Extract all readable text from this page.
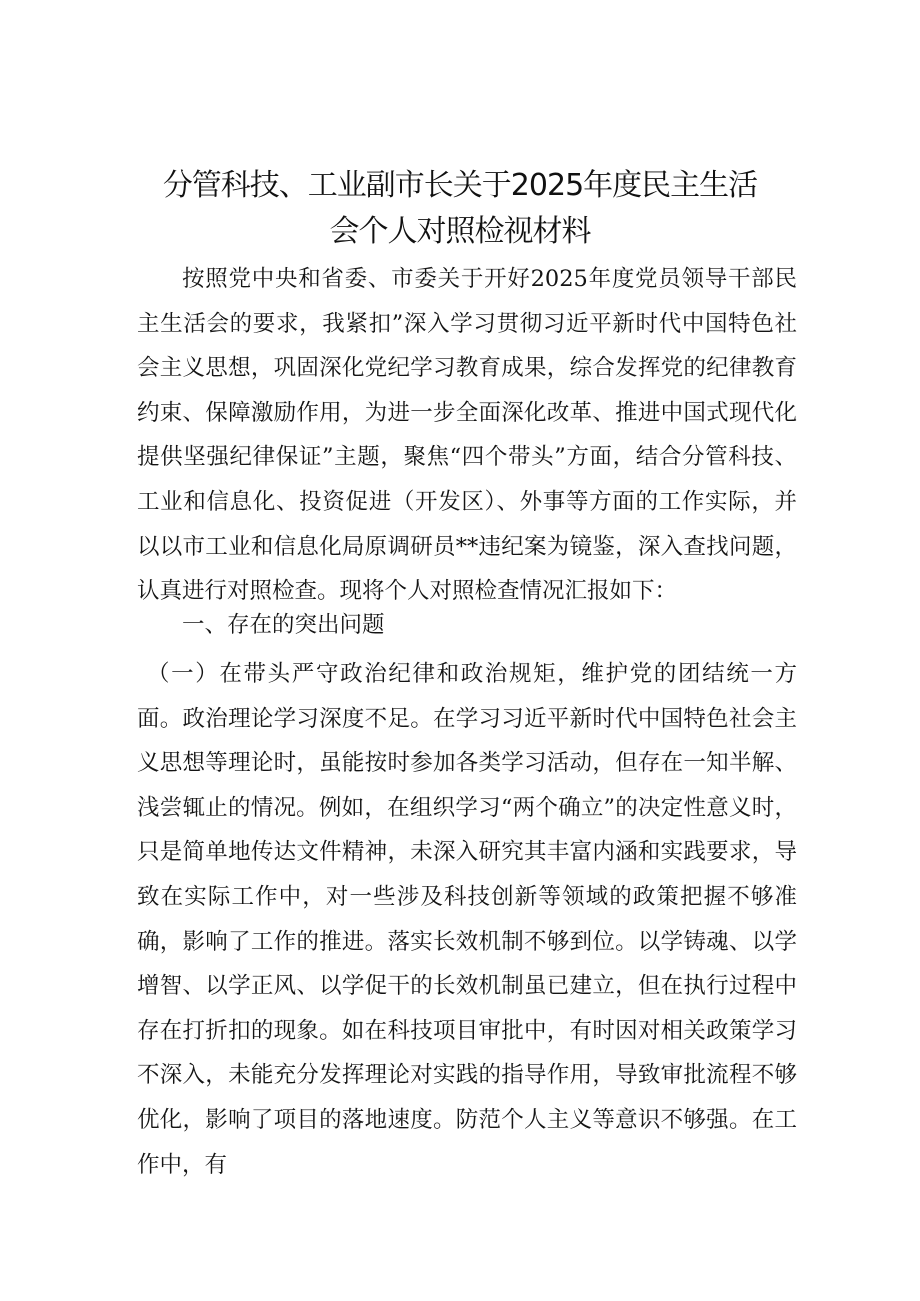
分管科技、工业副市长关于2025年度民主生活
会个人对照检视材料

按照党中央和省委、市委关于开好2025年度党员领导干部民主生活会的要求，我紧扣”深入学习贯彻习近平新时代中国特色社会主义思想，巩固深化党纪学习教育成果，综合发挥党的纪律教育约束、保障激励作用，为进一步全面深化改革、推进中国式现代化提供坚强纪律保证”主题，聚焦“四个带头”方面，结合分管科技、工业和信息化、投资促进（开发区）、外事等方面的工作实际，并以以市工业和信息化局原调研员**违纪案为镜鉴，深入查找问题，认真进行对照检查。现将个人对照检查情况汇报如下：

一、存在的突出问题

（一）在带头严守政治纪律和政治规矩，维护党的团结统一方面。政治理论学习深度不足。在学习习近平新时代中国特色社会主义思想等理论时，虽能按时参加各类学习活动，但存在一知半解、浅尝辄止的情况。例如，在组织学习“两个确立”的决定性意义时，只是简单地传达文件精神，未深入研究其丰富内涵和实践要求，导致在实际工作中，对一些涉及科技创新等领域的政策把握不够准确，影响了工作的推进。落实长效机制不够到位。以学铸魂、以学增智、以学正风、以学促干的长效机制虽已建立，但在执行过程中存在打折扣的现象。如在科技项目审批中，有时因对相关政策学习不深入，未能充分发挥理论对实践的指导作用，导致审批流程不够优化，影响了项目的落地速度。防范个人主义等意识不够强。在工作中，有
